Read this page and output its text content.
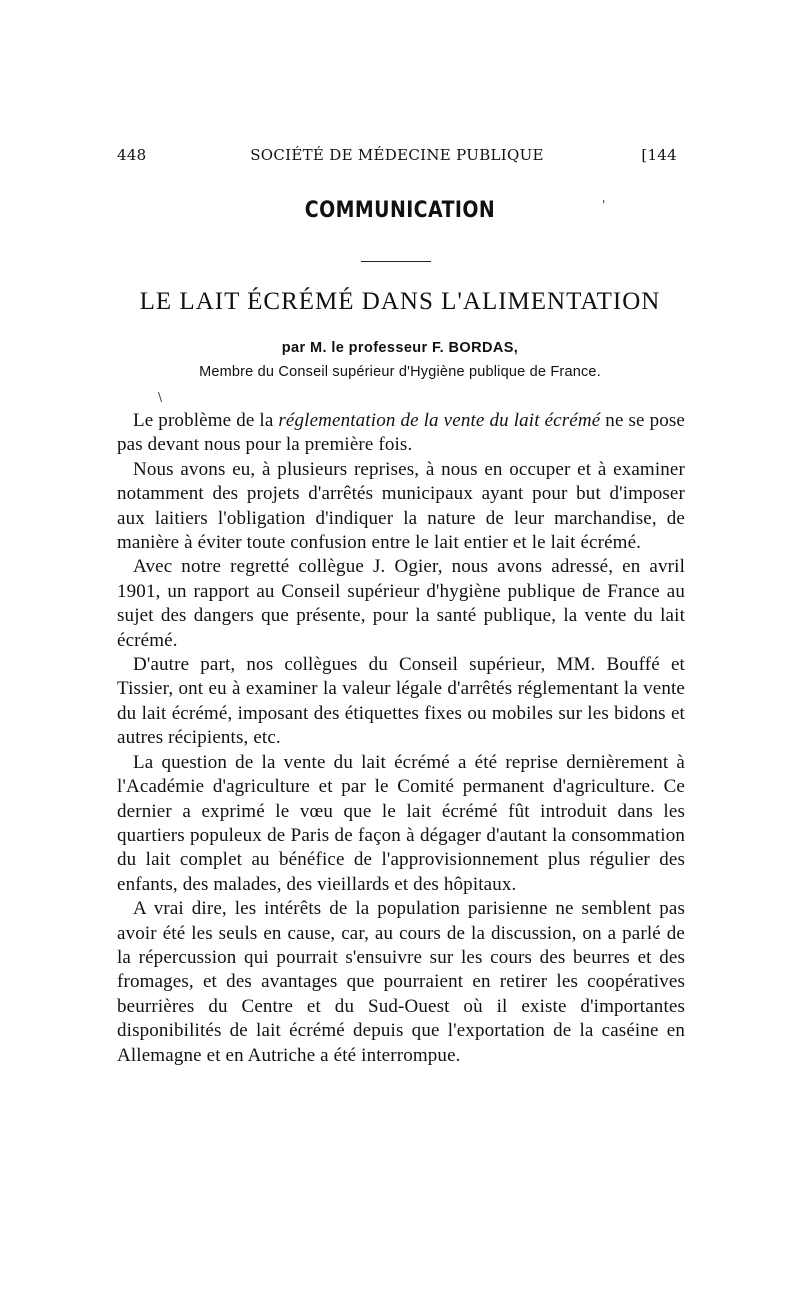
448	SOCIÉTÉ DE MÉDECINE PUBLIQUE	[144
COMMUNICATION
LE LAIT ÉCRÉMÉ DANS L'ALIMENTATION
par M. le professeur F. BORDAS,
Membre du Conseil supérieur d'Hygiène publique de France.
\
'

Le problème de la réglementation de la vente du lait écrémé ne se pose pas devant nous pour la première fois.

Nous avons eu, à plusieurs reprises, à nous en occuper et à examiner notamment des projets d'arrêtés municipaux ayant pour but d'imposer aux laitiers l'obligation d'indiquer la nature de leur marchandise, de manière à éviter toute confusion entre le lait entier et le lait écrémé.

Avec notre regretté collègue J. Ogier, nous avons adressé, en avril 1901, un rapport au Conseil supérieur d'hygiène publique de France au sujet des dangers que présente, pour la santé publique, la vente du lait écrémé.

D'autre part, nos collègues du Conseil supérieur, MM. Bouffé et Tissier, ont eu à examiner la valeur légale d'arrêtés réglementant la vente du lait écrémé, imposant des étiquettes fixes ou mobiles sur les bidons et autres récipients, etc.

La question de la vente du lait écrémé a été reprise dernièrement à l'Académie d'agriculture et par le Comité permanent d'agriculture. Ce dernier a exprimé le vœu que le lait écrémé fût introduit dans les quartiers populeux de Paris de façon à dégager d'autant la consommation du lait complet au bénéfice de l'approvisionnement plus régulier des enfants, des malades, des vieillards et des hôpitaux.

A vrai dire, les intérêts de la population parisienne ne semblent pas avoir été les seuls en cause, car, au cours de la discussion, on a parlé de la répercussion qui pourrait s'ensuivre sur les cours des beurres et des fromages, et des avantages que pourraient en retirer les coopératives beurrières du Centre et du Sud-Ouest où il existe d'importantes disponibilités de lait écrémé depuis que l'exportation de la caséine en Allemagne et en Autriche a été interrompue.
